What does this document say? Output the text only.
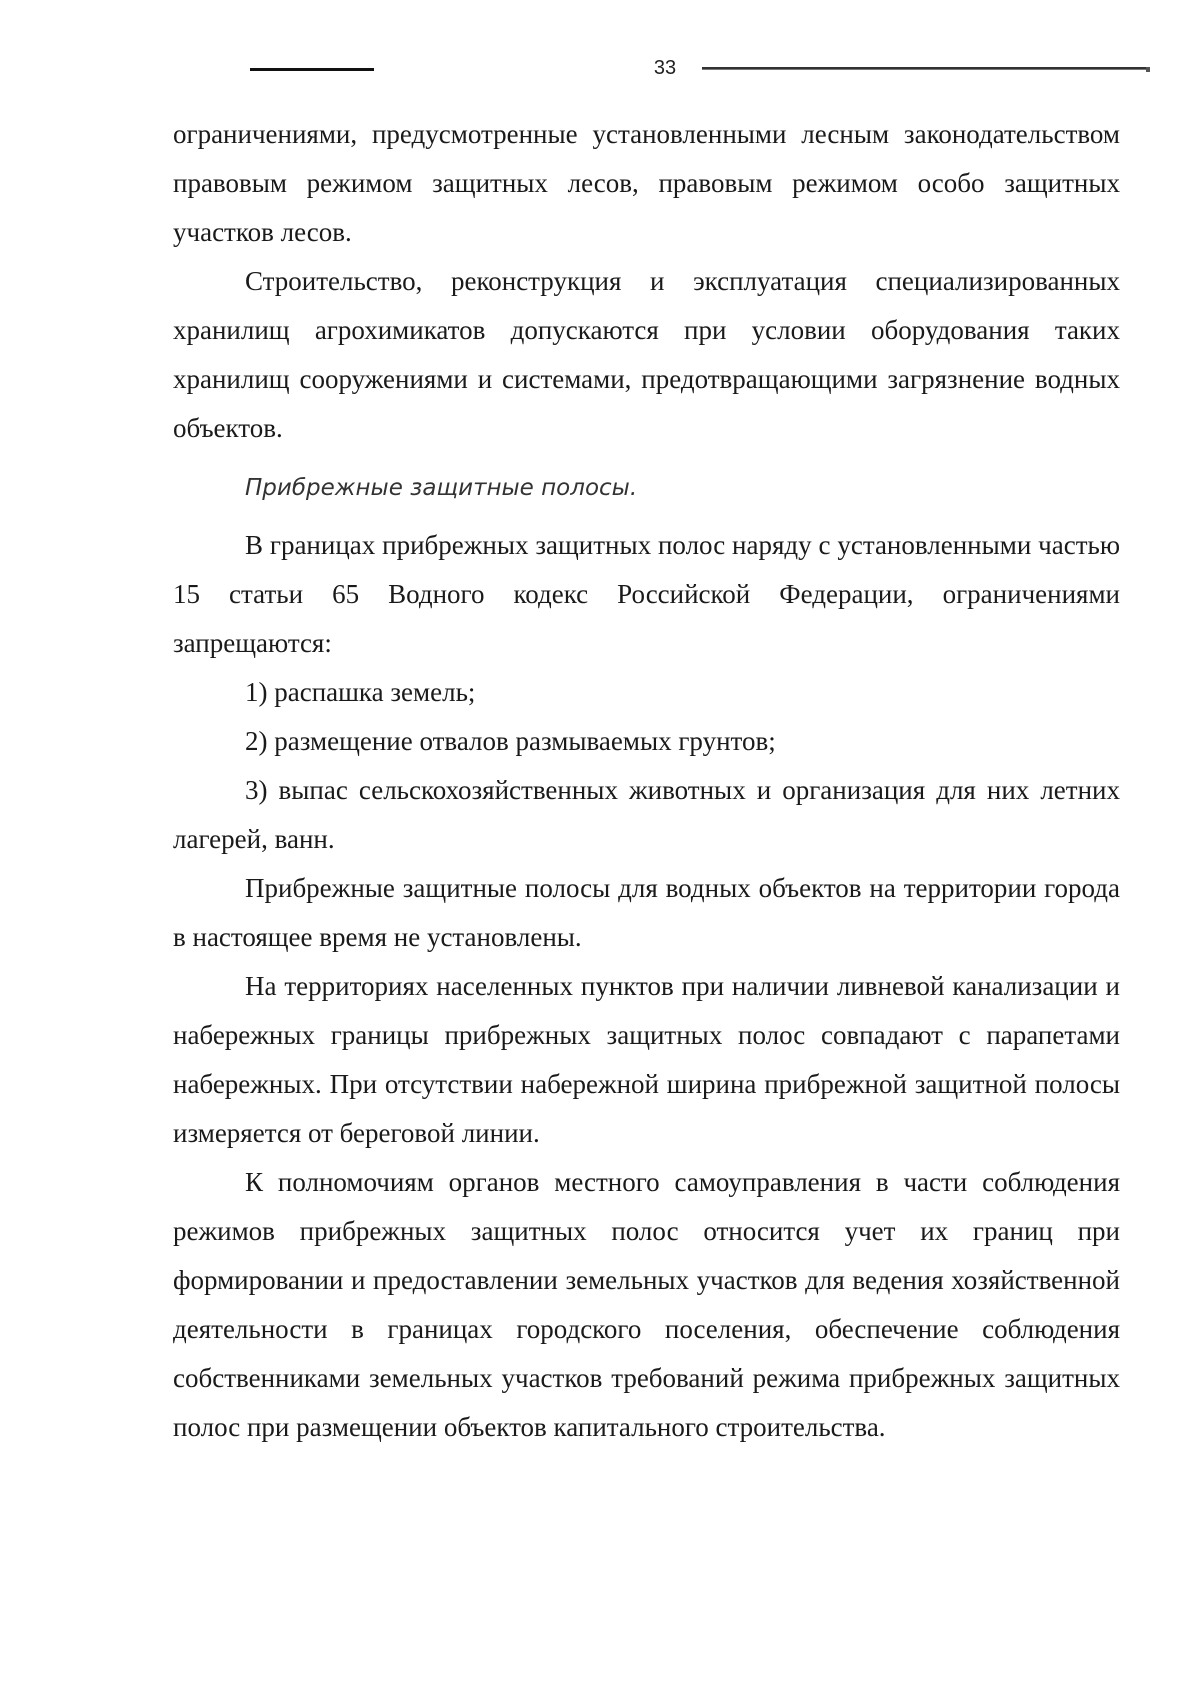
33

ограничениями, предусмотренные установленными лесным законодательством правовым режимом защитных лесов, правовым режимом особо защитных участков лесов.

Строительство, реконструкция и эксплуатация специализированных хранилищ агрохимикатов допускаются при условии оборудования таких хранилищ сооружениями и системами, предотвращающими загрязнение водных объектов.

Прибрежные защитные полосы.

В границах прибрежных защитных полос наряду с установленными частью 15 статьи 65 Водного кодекс Российской Федерации, ограничениями запрещаются:

1) распашка земель;

2) размещение отвалов размываемых грунтов;

3) выпас сельскохозяйственных животных и организация для них летних лагерей, ванн.

Прибрежные защитные полосы для водных объектов на территории города в настоящее время не установлены.

На территориях населенных пунктов при наличии ливневой канализации и набережных границы прибрежных защитных полос совпадают с парапетами набережных. При отсутствии набережной ширина прибрежной защитной полосы измеряется от береговой линии.

К полномочиям органов местного самоуправления в части соблюдения режимов прибрежных защитных полос относится учет их границ при формировании и предоставлении земельных участков для ведения хозяйственной деятельности в границах городского поселения, обеспечение соблюдения собственниками земельных участков требований режима прибрежных защитных полос при размещении объектов капитального строительства.
